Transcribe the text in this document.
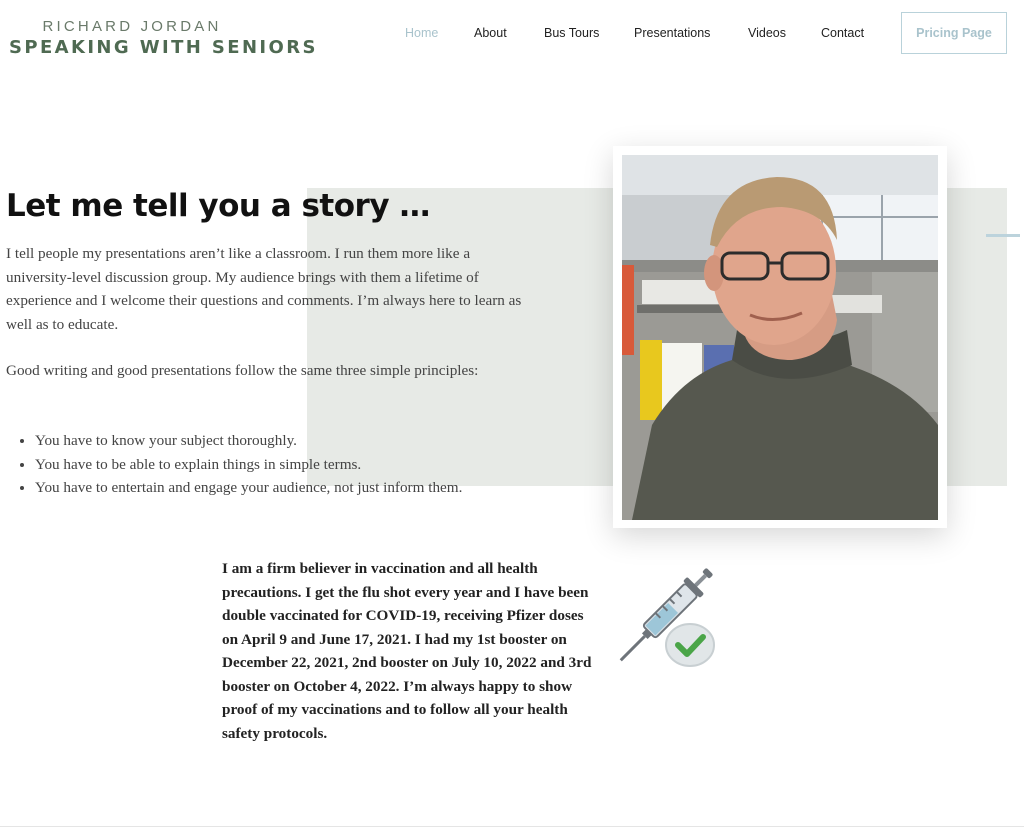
RICHARD JORDAN
SPEAKING WITH SENIORS
Home	About	Bus Tours	Presentations	Videos	Contact	Pricing Page
Let me tell you a story …

I tell people my presentations aren’t like a classroom. I run them more like a university-level discussion group. My audience brings with them a lifetime of experience and I welcome their questions and comments. I’m always here to learn as well as to educate.

Good writing and good presentations follow the same three simple principles:

• You have to know your subject thoroughly.
• You have to be able to explain things in simple terms.
• You have to entertain and engage your audience, not just inform them.

I am a firm believer in vaccination and all health precautions. I get the flu shot every year and I have been double vaccinated for COVID-19, receiving Pfizer doses on April 9 and June 17, 2021. I had my 1st booster on December 22, 2021, 2nd booster on July 10, 2022 and 3rd booster on October 4, 2022. I’m always happy to show proof of my vaccinations and to follow all your health safety protocols.
